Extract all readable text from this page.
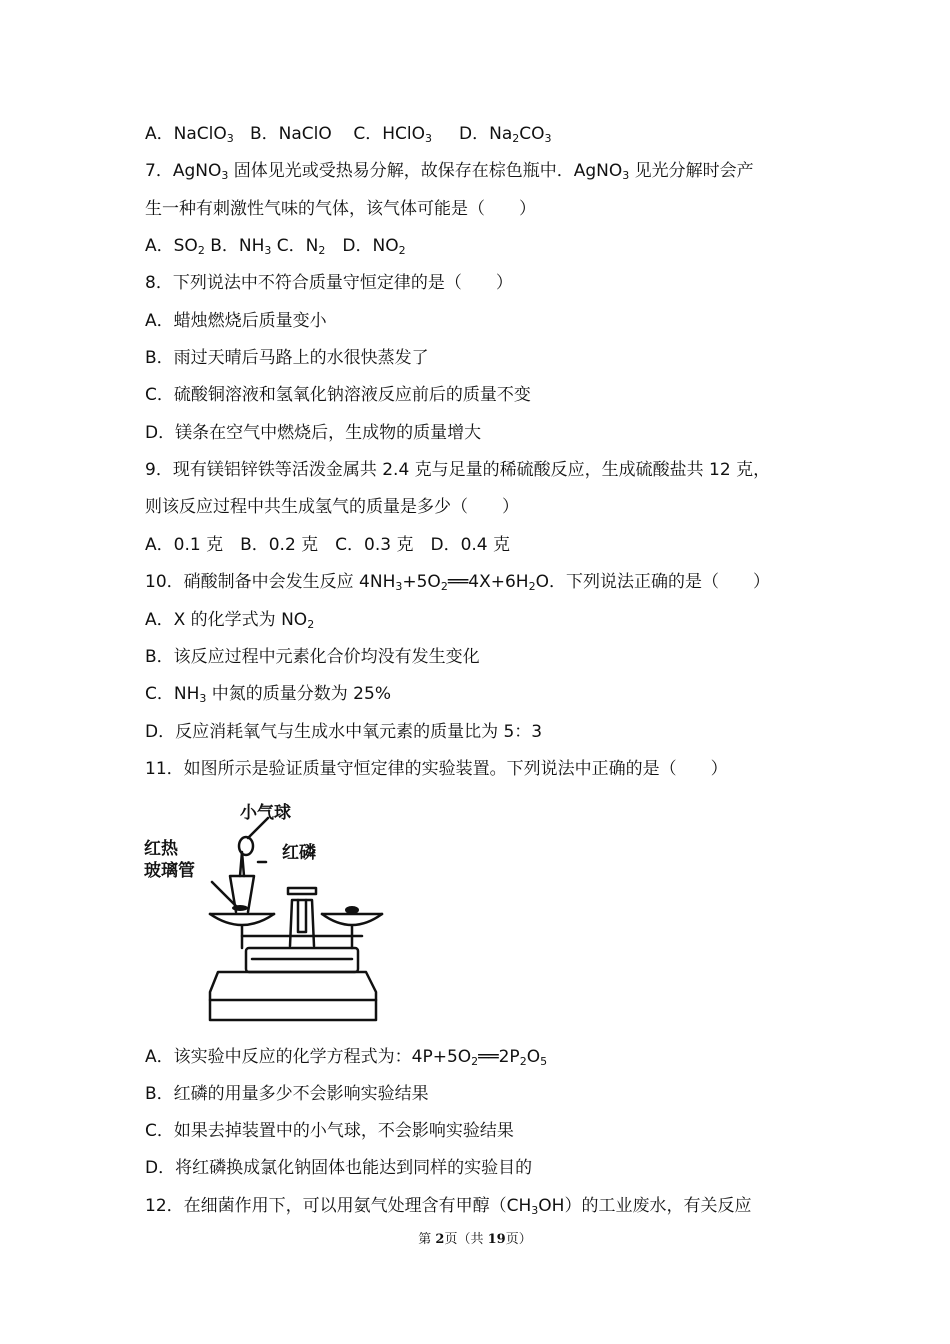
A．NaClO$_3$ B．NaClO C．HClO$_3$ D．$Na_2CO_3$
7．AgNO$_3$ 固体见光或受热易分解，故保存在棕色瓶中．AgNO$_3$ 见光分解时会产
生一种有刺激性气味的气体，该气体可能是（　　）
A．$SO_2$ B．$NH_3$ C．$N_2$　D．$NO_2$
8．下列说法中不符合质量守恒定律的是（　　）
A．蜡烛燃烧后质量变小
B．雨过天晴后马路上的水很快蒸发了
C．硫酸铜溶液和氢氧化钠溶液反应前后的质量不变
D．镁条在空气中燃烧后，生成物的质量增大
9．现有镁铝锌铁等活泼金属共 2.4 克与足量的稀硫酸反应，生成硫酸盐共 12 克，
则该反应过程中共生成氢气的质量是多少（　　）
A．0.1 克　B．0.2 克　C．0.3 克　D．0.4 克
10．硝酸制备中会发生反应 $4NH_3+5O_2══4X+6H_2O$．下列说法正确的是（　　）
A．X 的化学式为 $NO_2$
B．该反应过程中元素化合价均没有发生变化
C．$NH_3$ 中氮的质量分数为 25%
D．反应消耗氧气与生成水中氧元素的质量比为 5：3
11．如图所示是验证质量守恒定律的实验装置。下列说法中正确的是（　　）
小气球
红热
玻璃管
红磷
A．该实验中反应的化学方程式为：$4P+5O_2══2P_2O_5$
B．红磷的用量多少不会影响实验结果
C．如果去掉装置中的小气球，不会影响实验结果
D．将红磷换成氯化钠固体也能达到同样的实验目的
12．在细菌作用下，可以用氨气处理含有甲醇$(CH_3OH)$的工业废水，有关反应
第 2页（共 19页）
